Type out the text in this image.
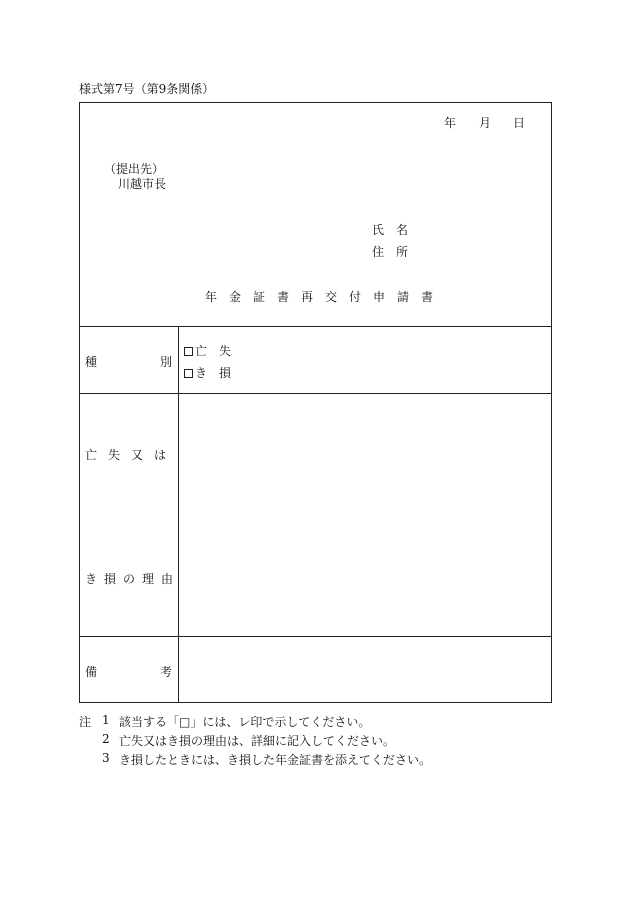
様式第7号（第9条関係）
年 月 日
（提出先）
川越市長
氏　名
住　所
年金証書再交付申請書
種	別
亡　失
き　損
亡失又は
き損の理由
備	考
注 1 該当する「□」には、レ印で示してください。
2 亡失又はき損の理由は、詳細に記入してください。
3 き損したときには、き損した年金証書を添えてください。
